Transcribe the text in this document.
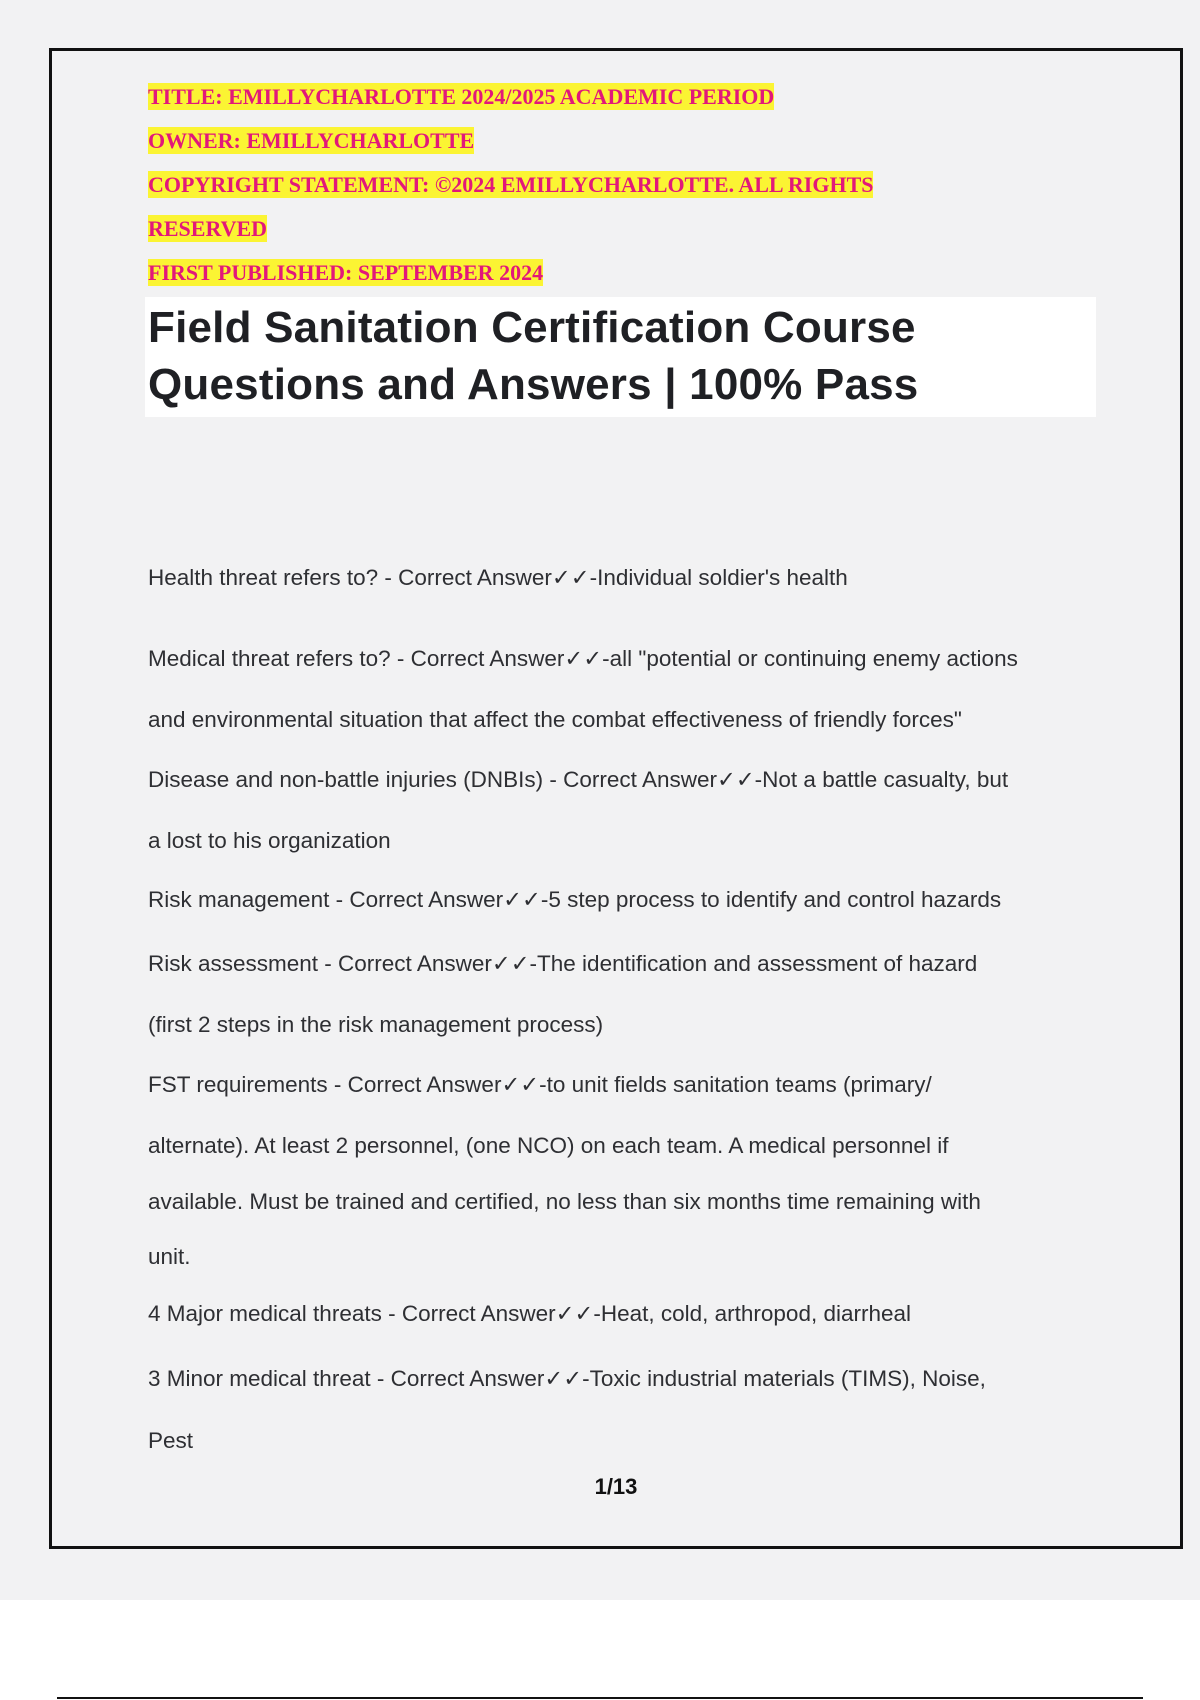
TITLE: EMILLYCHARLOTTE 2024/2025 ACADEMIC PERIOD
OWNER: EMILLYCHARLOTTE
COPYRIGHT STATEMENT: ©2024 EMILLYCHARLOTTE. ALL RIGHTS
RESERVED
FIRST PUBLISHED: SEPTEMBER 2024
Field Sanitation Certification Course
Questions and Answers | 100% Pass
Health threat refers to? - Correct Answer✓✓-Individual soldier's health
Medical threat refers to? - Correct Answer✓✓-all "potential or continuing enemy actions
and environmental situation that affect the combat effectiveness of friendly forces"
Disease and non-battle injuries (DNBIs) - Correct Answer✓✓-Not a battle casualty, but
a lost to his organization
Risk management - Correct Answer✓✓-5 step process to identify and control hazards
Risk assessment - Correct Answer✓✓-The identification and assessment of hazard
(first 2 steps in the risk management process)
FST requirements - Correct Answer✓✓-to unit fields sanitation teams (primary/
alternate). At least 2 personnel, (one NCO) on each team. A medical personnel if
available. Must be trained and certified, no less than six months time remaining with
unit.
4 Major medical threats - Correct Answer✓✓-Heat, cold, arthropod, diarrheal
3 Minor medical threat - Correct Answer✓✓-Toxic industrial materials (TIMS), Noise,
Pest
1/13
